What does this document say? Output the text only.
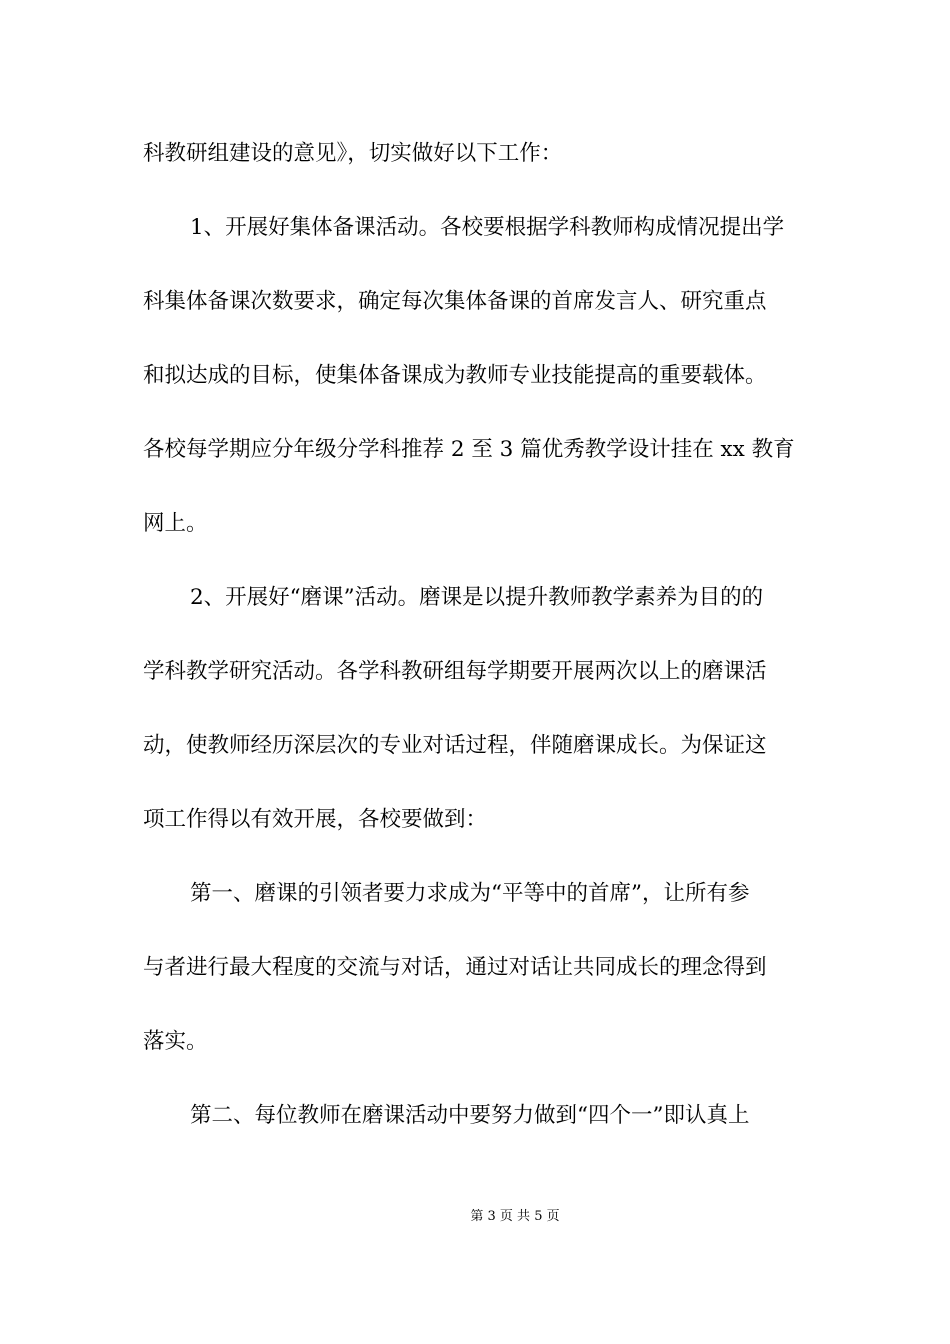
科教研组建设的意见》，切实做好以下工作：
1、开展好集体备课活动。各校要根据学科教师构成情况提出学
科集体备课次数要求，确定每次集体备课的首席发言人、研究重点
和拟达成的目标，使集体备课成为教师专业技能提高的重要载体。
各校每学期应分年级分学科推荐 2 至 3 篇优秀教学设计挂在 xx 教育
网上。
2、开展好“磨课”活动。磨课是以提升教师教学素养为目的的
学科教学研究活动。各学科教研组每学期要开展两次以上的磨课活
动，使教师经历深层次的专业对话过程，伴随磨课成长。为保证这
项工作得以有效开展，各校要做到：
第一、磨课的引领者要力求成为“平等中的首席”，让所有参
与者进行最大程度的交流与对话，通过对话让共同成长的理念得到
落实。
第二、每位教师在磨课活动中要努力做到“四个一”即认真上
第 3 页 共 5 页
